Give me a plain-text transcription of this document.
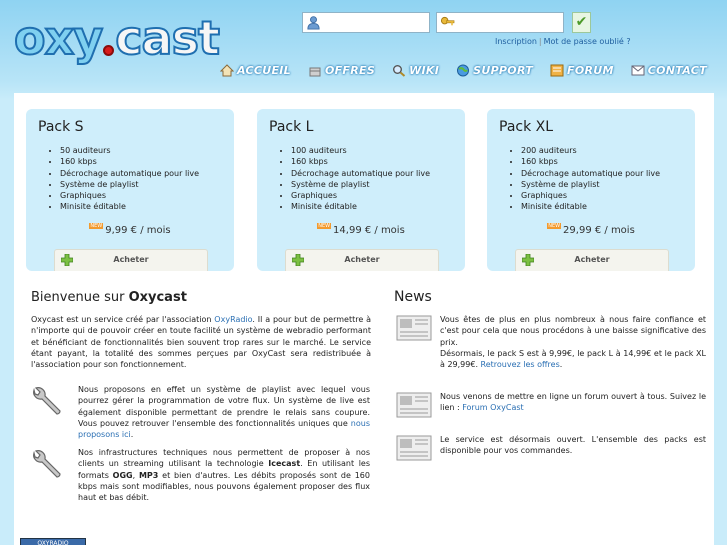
oxy cast	✔
Inscription | Mot de passe oublié ?
ACCUEIL	OFFRES	WIKI	SUPPORT	FORUM	CONTACT
Pack S
• 50 auditeurs
• 160 kbps
• Décrochage automatique pour live
• Système de playlist
• Graphiques
• Minisite éditable
NEW 9,99 € / mois
Acheter
Pack L
• 100 auditeurs
• 160 kbps
• Décrochage automatique pour live
• Système de playlist
• Graphiques
• Minisite éditable
NEW 14,99 € / mois
Acheter
Pack XL
• 200 auditeurs
• 160 kbps
• Décrochage automatique pour live
• Système de playlist
• Graphiques
• Minisite éditable
NEW 29,99 € / mois
Acheter
Bienvenue sur Oxycast
Oxycast est un service créé par l'association OxyRadio. Il a pour but de permettre à n'importe qui de pouvoir créer en toute facilité un système de webradio performant et bénéficiant de fonctionnalités bien souvent trop rares sur le marché. Le service étant payant, la totalité des sommes perçues par OxyCast sera redistribuée à l'association pour son fonctionnement.
Nous proposons en effet un système de playlist avec lequel vous pourrez gérer la programmation de votre flux. Un système de live est également disponible permettant de prendre le relais sans coupure. Vous pouvez retrouver l'ensemble des fonctionnalités uniques que nous proposons ici.
Nos infrastructures techniques nous permettent de proposer à nos clients un streaming utilisant la technologie Icecast. En utilisant les formats OGG, MP3 et bien d'autres. Les débits proposés sont de 160 kbps mais sont modifiables, nous pouvons également proposer des flux haut et bas débit.
News
Vous êtes de plus en plus nombreux à nous faire confiance et c'est pour cela que nous procédons à une baisse significative des prix.
Désormais, le pack S est à 9,99€, le pack L à 14,99€ et le pack XL à 29,99€. Retrouvez les offres.
Nous venons de mettre en ligne un forum ouvert à tous. Suivez le lien : Forum OxyCast
Le service est désormais ouvert. L'ensemble des packs est disponible pour vos commandes.
OXYRADIO
